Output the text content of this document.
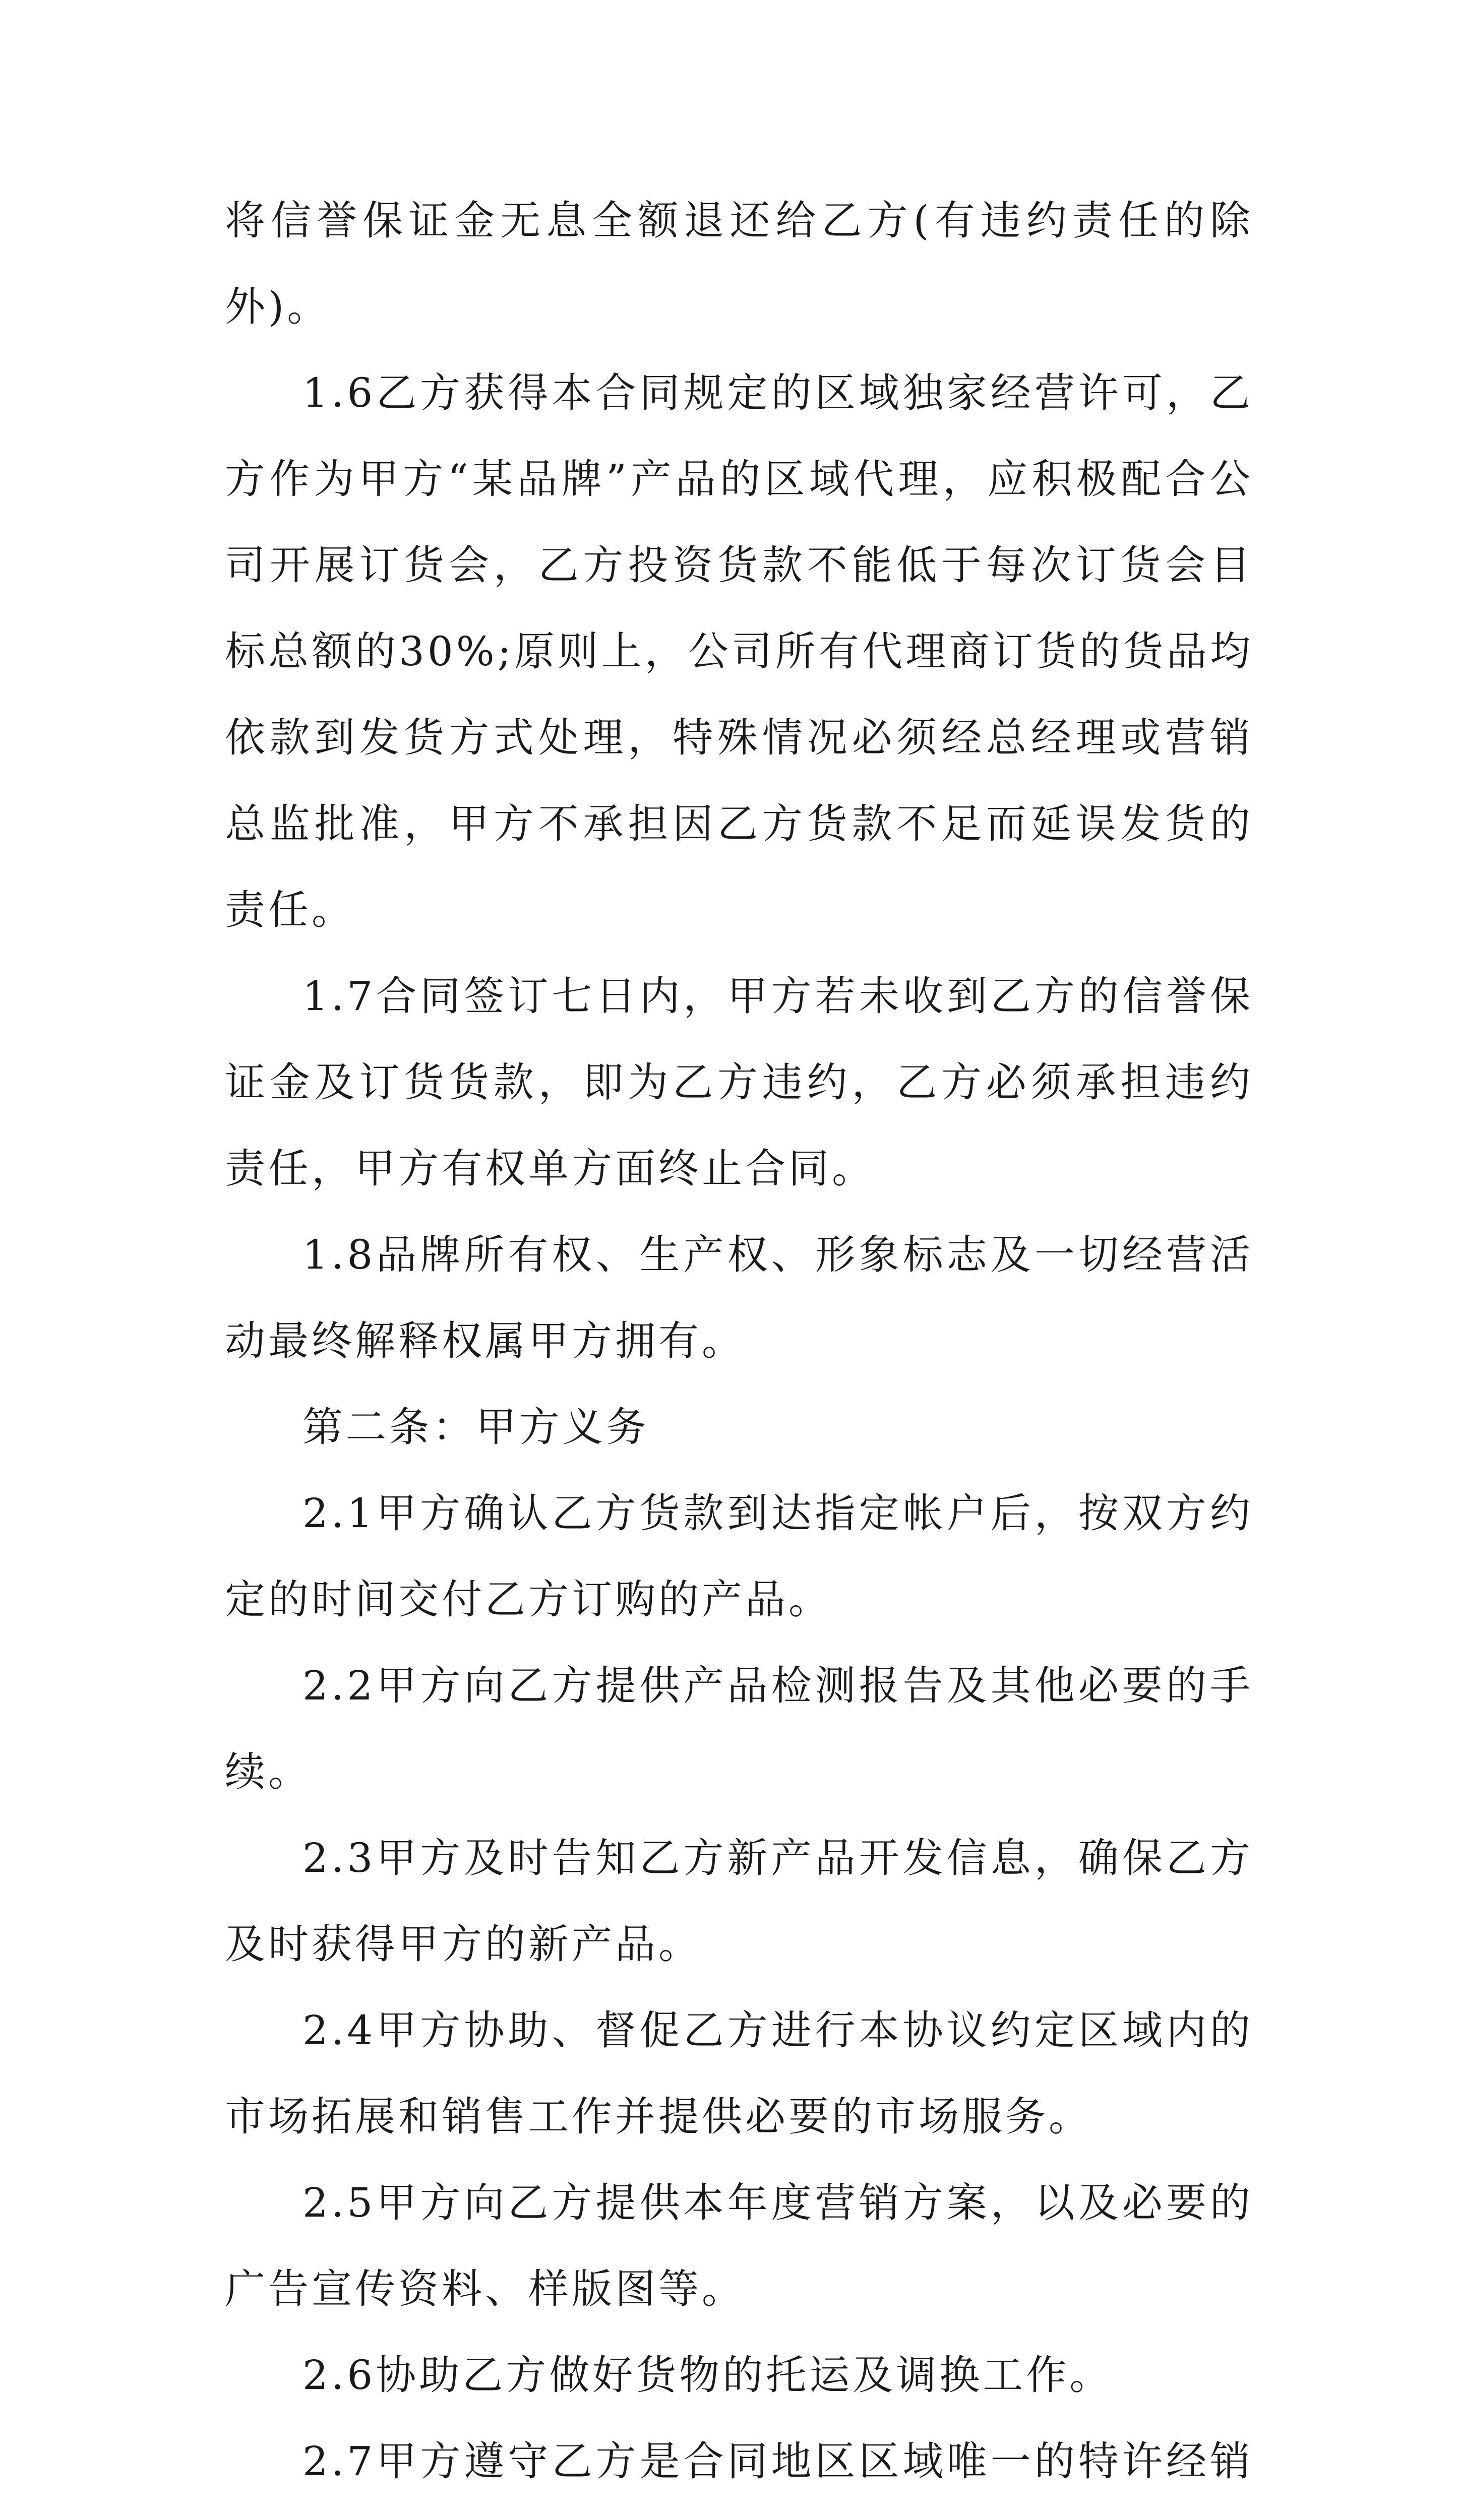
将信誉保证金无息全额退还给乙方(有违约责任的除外)。

1.6乙方获得本合同规定的区域独家经营许可，乙方作为甲方“某品牌”产品的区域代理，应积极配合公司开展订货会，乙方投资货款不能低于每次订货会目标总额的30%;原则上，公司所有代理商订货的货品均依款到发货方式处理，特殊情况必须经总经理或营销总监批准，甲方不承担因乙方货款不足而延误发货的责任。

1.7合同签订七日内，甲方若未收到乙方的信誉保证金及订货货款，即为乙方违约，乙方必须承担违约责任，甲方有权单方面终止合同。

1.8品牌所有权、生产权、形象标志及一切经营活动最终解释权属甲方拥有。

第二条：甲方义务

2.1甲方确认乙方货款到达指定帐户后，按双方约定的时间交付乙方订购的产品。

2.2甲方向乙方提供产品检测报告及其他必要的手续。

2.3甲方及时告知乙方新产品开发信息，确保乙方及时获得甲方的新产品。

2.4甲方协助、督促乙方进行本协议约定区域内的市场拓展和销售工作并提供必要的市场服务。

2.5甲方向乙方提供本年度营销方案，以及必要的广告宣传资料、样版图等。

2.6协助乙方做好货物的托运及调换工作。

2.7甲方遵守乙方是合同地区区域唯一的特许经销
